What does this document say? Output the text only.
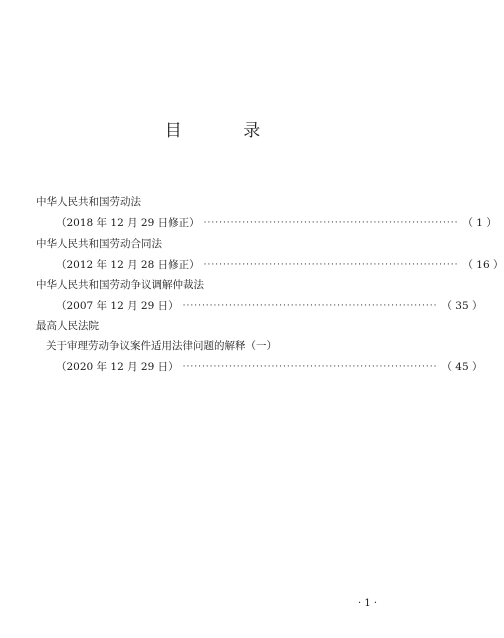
目 录
中华人民共和国劳动法
（2018 年 12 月 29 日修正） ·································································· （ 1 ）
中华人民共和国劳动合同法
（2012 年 12 月 28 日修正） ·································································· （ 16 ）
中华人民共和国劳动争议调解仲裁法
（2007 年 12 月 29 日） ·································································· （ 35 ）
最高人民法院
关于审理劳动争议案件适用法律问题的解释（一）
（2020 年 12 月 29 日） ·································································· （ 45 ）
· 1 ·
